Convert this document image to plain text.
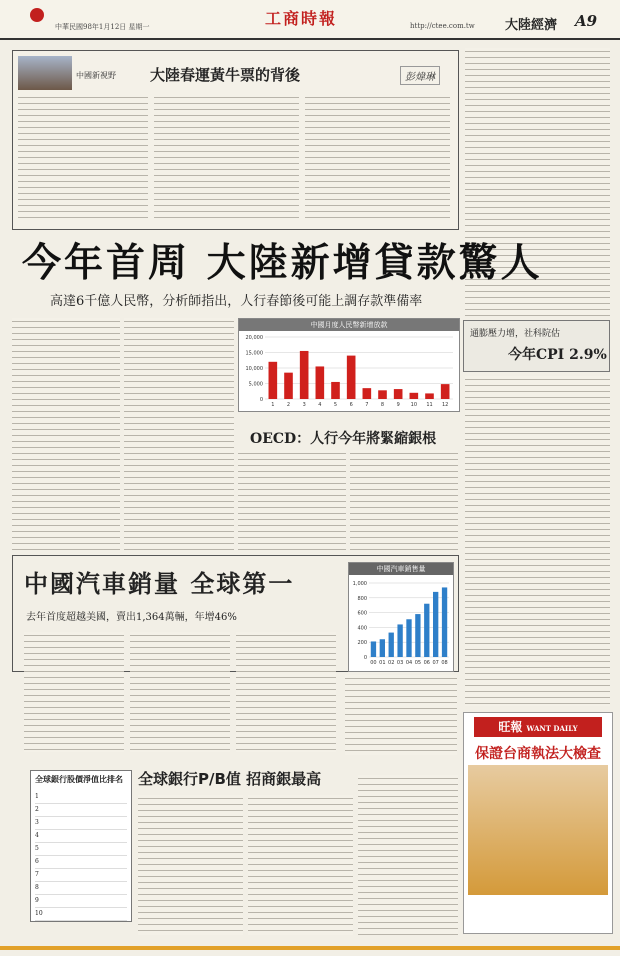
中華民國98年1月12日 星期一	工商時報	http://ctee.com.tw 大陸經濟 A9
中國新視野 大陸春運黃牛票的背後	彭煒琳
今年首周 大陸新增貸款驚人
高達6千億人民幣，分析師指出，人行春節後可能上調存款準備率
中國月度人民幣新增放款
20,000
15,000
10,000
5,000
0
1 2 3 4 5 6 7 8 9 10 11 12
OECD：人行今年將緊縮銀根
通膨壓力增，社科院估
今年CPI 2.9%
中國汽車銷量 全球第一
去年首度超越美國，賣出1,364萬輛，年增46%
中國汽車銷售量
1,000
800
600
400
200
0
00 01 02 03 04 05 06 07 08
全球銀行股價淨值比排名
1
2
3
4
5
6
7
8
9
10
全球銀行P/B值 招商銀最高
旺報 WANT DAILY
保證台商執法大檢查
